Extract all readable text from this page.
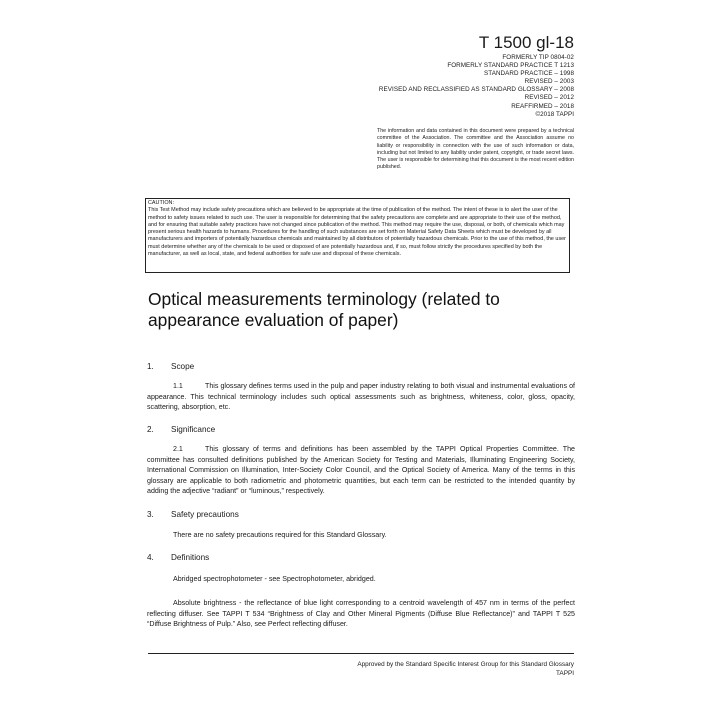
T 1500 gl-18
FORMERLY TIP 0804-02
FORMERLY STANDARD PRACTICE T 1213
STANDARD PRACTICE – 1998
REVISED – 2003
REVISED AND RECLASSIFIED AS STANDARD GLOSSARY – 2008
REVISED – 2012
REAFFIRMED – 2018
©2018 TAPPI
The information and data contained in this document were prepared by a technical committee of the Association. The committee and the Association assume no liability or responsibility in connection with the use of such information or data, including but not limited to any liability under patent, copyright, or trade secret laws. The user is responsible for determining that this document is the most recent edition published.
CAUTION:
This Test Method may include safety precautions which are believed to be appropriate at the time of publication of the method. The intent of these is to alert the user of the method to safety issues related to such use. The user is responsible for determining that the safety precautions are complete and are appropriate to their use of the method, and for ensuring that suitable safety practices have not changed since publication of the method. This method may require the use, disposal, or both, of chemicals which may present serious health hazards to humans. Procedures for the handling of such substances are set forth on Material Safety Data Sheets which must be developed by all manufacturers and importers of potentially hazardous chemicals and maintained by all distributors of potentially hazardous chemicals. Prior to the use of this method, the user must determine whether any of the chemicals to be used or disposed of are potentially hazardous and, if so, must follow strictly the procedures specified by both the manufacturer, as well as local, state, and federal authorities for safe use and disposal of these chemicals.
Optical measurements terminology (related to appearance evaluation of paper)
1. Scope
1.1	This glossary defines terms used in the pulp and paper industry relating to both visual and instrumental evaluations of appearance. This technical terminology includes such optical assessments such as brightness, whiteness, color, gloss, opacity, scattering, absorption, etc.
2. Significance
2.1	This glossary of terms and definitions has been assembled by the TAPPI Optical Properties Committee. The committee has consulted definitions published by the American Society for Testing and Materials, Illuminating Engineering Society, International Commission on Illumination, Inter-Society Color Council, and the Optical Society of America. Many of the terms in this glossary are applicable to both radiometric and photometric quantities, but each term can be restricted to the intended quantity by adding the adjective “radiant” or “luminous,” respectively.
3. Safety precautions
There are no safety precautions required for this Standard Glossary.
4. Definitions
Abridged spectrophotometer - see Spectrophotometer, abridged.
Absolute brightness - the reflectance of blue light corresponding to a centroid wavelength of 457 nm in terms of the perfect reflecting diffuser. See TAPPI T 534 “Brightness of Clay and Other Mineral Pigments (Diffuse Blue Reflectance)” and TAPPI T 525 “Diffuse Brightness of Pulp.” Also, see Perfect reflecting diffuser.
Approved by the Standard Specific Interest Group for this Standard Glossary
TAPPI
